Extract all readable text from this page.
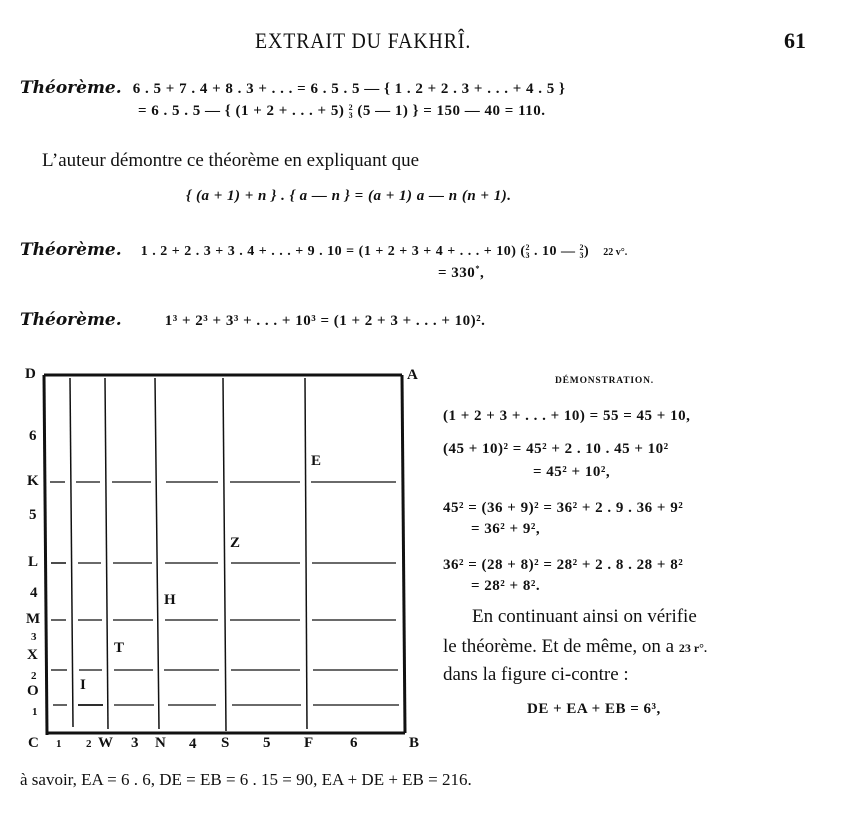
EXTRAIT DU FAKHRÎ.	61
Théorème. 6 . 5 + 7 . 4 + 8 . 3 + . . . = 6 . 5 . 5 — { 1 . 2 + 2 . 3 + . . . + 4 . 5 }
= 6 . 5 . 5 — { (1 + 2 + . . . + 5) 2
3 (5 — 1) } = 150 — 40 = 110.
L’auteur démontre ce théorème en expliquant que
{ (a + 1) + n } . { a — n } = (a + 1) a — n (n + 1).
Théorème. 1 . 2 + 2 . 3 + 3 . 4 + . . . + 9 . 10 = (1 + 2 + 3 + 4 + . . . + 10) (2
3 . 10 — 2
3) 22 v°.
= 330*,
Théorème.	1³ + 2³ + 3³ + . . . + 10³ = (1 + 2 + 3 + . . . + 10)².
D	A
C	B
6
K
5
L
4
M
3
X
2
O
1
1 2 W 3 N 4 S 5 F 6
E
Z
H
T
I
DÉMONSTRATION.
(1 + 2 + 3 + . . . + 10) = 55 = 45 + 10,
(45 + 10)² = 45² + 2 . 10 . 45 + 10²
= 45² + 10²,
45² = (36 + 9)² = 36² + 2 . 9 . 36 + 9²
= 36² + 9²,
36² = (28 + 8)² = 28² + 2 . 8 . 28 + 8²
= 28² + 8².
En continuant ainsi on vérifie
le théorème. Et de même, on a 23 r°.
dans la figure ci-contre :
DE + EA + EB = 6³,
à savoir, EA = 6 . 6, DE = EB = 6 . 15 = 90, EA + DE + EB = 216.
